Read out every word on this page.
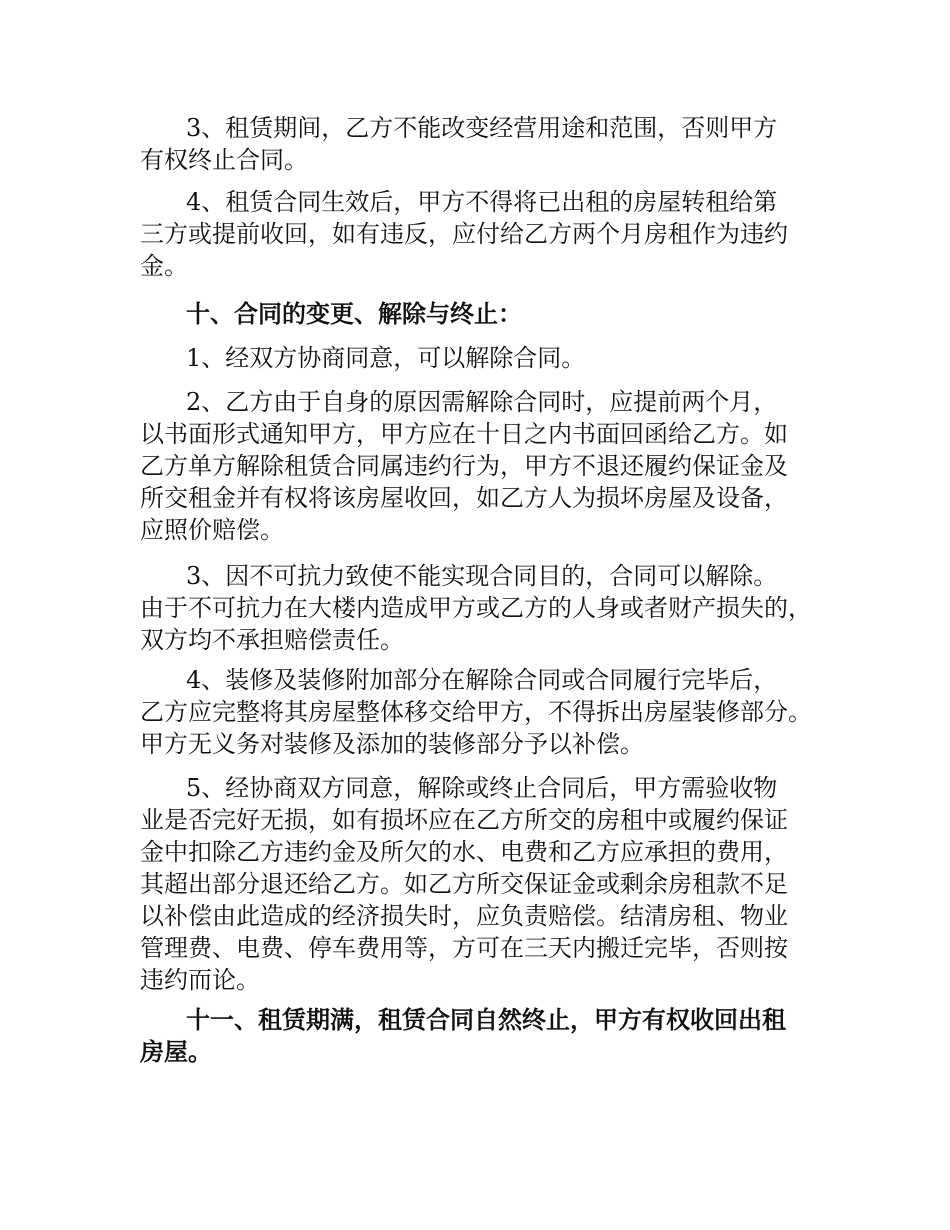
3、租赁期间，乙方不能改变经营用途和范围，否则甲方
有权终止合同。
4、租赁合同生效后，甲方不得将已出租的房屋转租给第
三方或提前收回，如有违反，应付给乙方两个月房租作为违约
金。
十、合同的变更、解除与终止：
1、经双方协商同意，可以解除合同。
2、乙方由于自身的原因需解除合同时，应提前两个月，
以书面形式通知甲方，甲方应在十日之内书面回函给乙方。如
乙方单方解除租赁合同属违约行为，甲方不退还履约保证金及
所交租金并有权将该房屋收回，如乙方人为损坏房屋及设备，
应照价赔偿。
3、因不可抗力致使不能实现合同目的，合同可以解除。
由于不可抗力在大楼内造成甲方或乙方的人身或者财产损失的，
双方均不承担赔偿责任。
4、装修及装修附加部分在解除合同或合同履行完毕后，
乙方应完整将其房屋整体移交给甲方，不得拆出房屋装修部分。
甲方无义务对装修及添加的装修部分予以补偿。
5、经协商双方同意，解除或终止合同后，甲方需验收物
业是否完好无损，如有损坏应在乙方所交的房租中或履约保证
金中扣除乙方违约金及所欠的水、电费和乙方应承担的费用，
其超出部分退还给乙方。如乙方所交保证金或剩余房租款不足
以补偿由此造成的经济损失时，应负责赔偿。结清房租、物业
管理费、电费、停车费用等，方可在三天内搬迁完毕，否则按
违约而论。
十一、租赁期满，租赁合同自然终止，甲方有权收回出租
房屋。
